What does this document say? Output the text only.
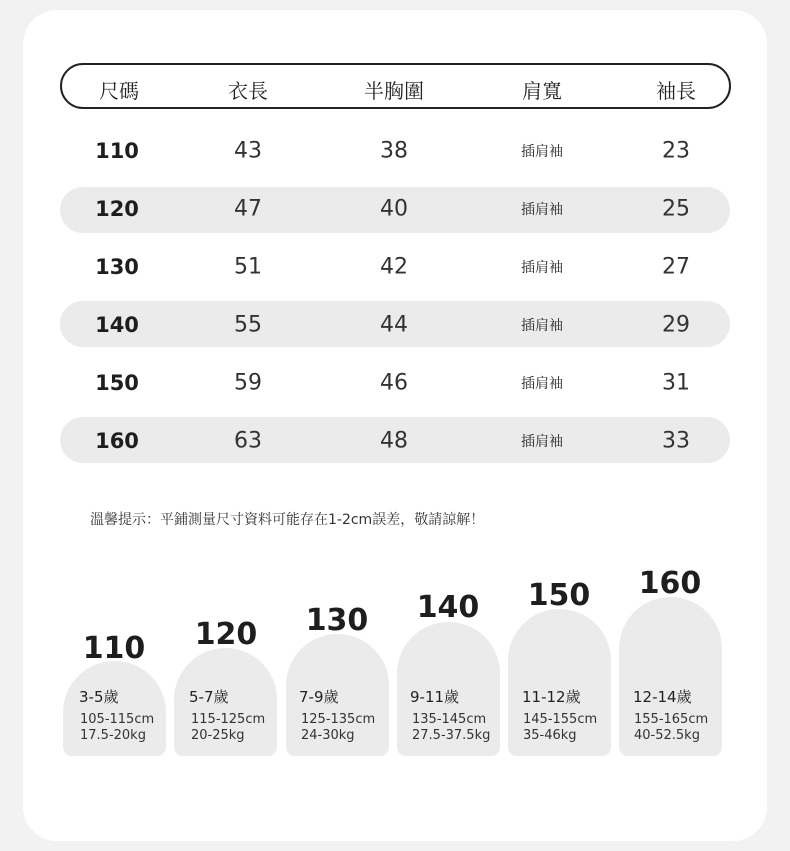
尺碼	衣長	半胸圍	肩寬	袖長
110	43	38	插肩袖	23
120	47	40	插肩袖	25
130	51	42	插肩袖	27
140	55	44	插肩袖	29
150	59	46	插肩袖	31
160	63	48	插肩袖	33
溫馨提示：平鋪測量尺寸資料可能存在1-2cm誤差，敬請諒解！
110 120 130 140 150 160
3-5歲	5-7歲	7-9歲	9-11歲	11-12歲	12-14歲
105-115cm
17.5-20kg
115-125cm
20-25kg
125-135cm
24-30kg
135-145cm
27.5-37.5kg
145-155cm
35-46kg
155-165cm
40-52.5kg
